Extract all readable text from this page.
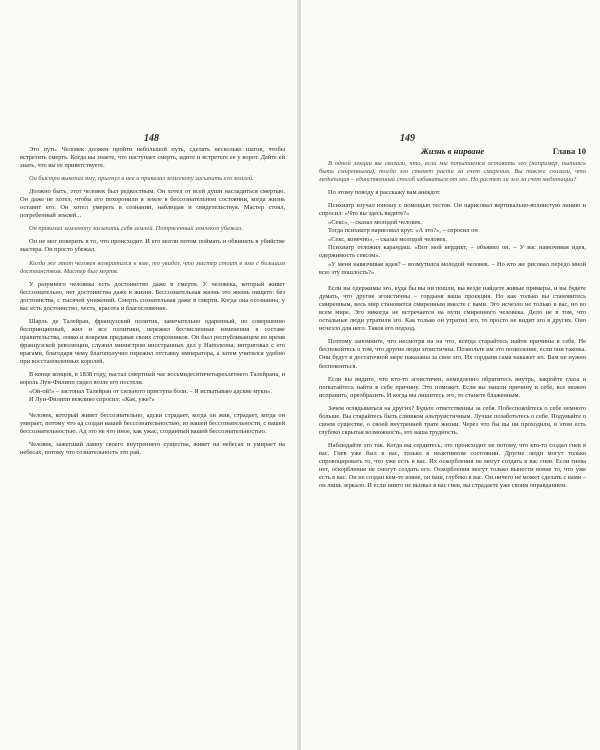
148

Это путь. Человек должен пройти небольшой путь, сделать несколько шагов, чтобы встретить смерть. Когда вы знаете, что наступает смерть, идите и встретьте ее у ворот. Дайте ей знать, что вы ее приветствуете.

Он быстро выкопал яму, прыгнул в нее и приказал землекопу засыпать его землей.

Должно быть, этот человек был редкостным. Он хотел от всей души насладиться смертью. Он даже не хотел, чтобы его похоронили в земле в бессознательном состоянии, когда жизнь оставит его. Он хотел умереть в сознании, наблюдая и свидетельствуя. Мастер стоял, погребенный землей...

Он приказал землекопу засыпать себя землей. Потрясенный землекоп убежал.

Он не мог поверить в то, что происходит. И его могли потом поймать и обвинить в убийстве мастера. Он просто убежал.

Когда же этот человек возвратился к яме, то увидел, что мастер стоит в яме с большим достоинством. Мастер был мертв.

У разумного человека есть достоинство даже в смерти. У человека, который живет бессознательно, нет достоинства даже в жизни. Бессознательная жизнь это жизнь нищего: без достоинства, с тысячей унижений. Смерть сознательная даже в смерти. Когда она осознанна, у вас есть достоинство, честь, красота и благословение.

Шарль де Талейран, французский политик, замечательно одаренный, но совершенно беспринципный, жил и все политики, пережил бесчисленные изменения в составе правительства, ловко и вовремя предавая своих сторонников. Он был республиканцем во время французской революции, служил министром иностранных дел у Наполеона, интриговал с его врагами, благодаря чему благополучно пережил отставку императора, а затем учитился удобно при восстановленных королей.

В конце концов, в 1838 году, настал смертный час восьмидесятичетырехлетнего Талейрана, и король Луи-Филипп сидел возле его постели.

«Ой-ой!» – застонал Талейран от сильного приступа боли. – Я испытываю адские муки».

И Луи-Филипп вежливо спросил: «Как, уже?»

Человек, который живет бессознательно, адски страдает, когда он жив, страдает, когда он умирает, потому что ад создан вашей бессознательностью, из вашей бессознательности, с вашей бессознательностью. Ад это не что иное, как ужас, созданный вашей бессознательностью.

Человек, зажегший лампу своего внутреннего существа, живет на небесах и умирает на небесах, потому что сознательность это рай.

149
Глава 10
Жизнь в нирване

В одной лекции вы сказали, что, если мы попытаемся оставить эго (например, пытаясь быть смиренными), тогда эго станет расти за счет смирения. Вы также сказали, что медитация – единственный способ избавиться от эго. Но растет ли эго за счет медитации?

По этому поводу я расскажу вам анекдот.

Психиатр изучал юношу с помощью тестов. Он нарисовал вертикально-волнистую линию и спросил: «Что вы здесь видите?»

«Секс», – сказал молодой человек.

Тогда психиатр нарисовал круг. «А это?», – спросил он

«Секс, конечно», – сказал молодой человек.

Психиатр отложил карандаш. «Вот мой вердикт, – объявил он. – У вас навязчивая идея, одержимость сексом».

«У меня навязчивая идея? – возмутился молодой человек. – Но кто же рисовал передо мной всю эту пошлость?»

Если вы одержимы эго, куда бы вы ни пошли, вы везде найдете живые примеры, и вы будете думать, что другие эгоистичны – гордыня ваша проекция. Но как только вы становитесь смиренным, весь мир становится смиренным вместе с вами. Эго исчезло не только в вас, но во всем мире. Эго никогда не встречается на пути смиренного человека. Дело не в том, что остальные люди утратили эго. Как только он утратил эго, то просто не видит эго в других. Оно исчезло для него. Таков его подход.

Поэтому запомните, что несмотря на на что, всегда старайтесь найти причины в себе. Не беспокойтесь о том, что другие люди эгоистичны. Позвольте им это позволение, если они таковы. Они будут в достаточной мере наказаны за свое эго. Их гордыня сама накажет их. Вам не нужно беспокоиться.

Если вы видите, что кто-то эгоистичен, немедленно обратитесь внутрь, закройте глаза и попытайтесь найти в себе причину. Это поможет. Если вы нашли причину в себе, все можно исправить, преобразить. И когда вы лишитесь эго, то станете блаженным.

Зачем оглядываться на других? Будьте ответственны за себя. Побеспокойтесь о себе немного больше. Вы старайтесь быть слишком альтруистичным. Лучше позаботьтесь о себе. Подумайте о своем существе, о своей внутренней трате жизни. Через что бы вы ни проходили, в этом есть глубоко скрытая возможность, это ваша трудность.

Наблюдайте это так. Когда вы сердитесь, это происходит не потому, что кто-то создал гнев в вас. Гнев уже был в вас, только в неактивном состоянии. Другие люди могут только спровоцировать то, что уже есть в вас. Их оскорбления не могут создать в вас гнев. Если гнева нет, оскорбления не смогут создать его. Оскорбления могут только вынести вовне то, что уже есть в вас. Он не создан кем-то извне, он ваш, глубоко в вас. Он ничего не может сделать с вами – он лишь зеркало. И если никто не вызвал в вас гнев, вы страдаете уже своим оправданием.
